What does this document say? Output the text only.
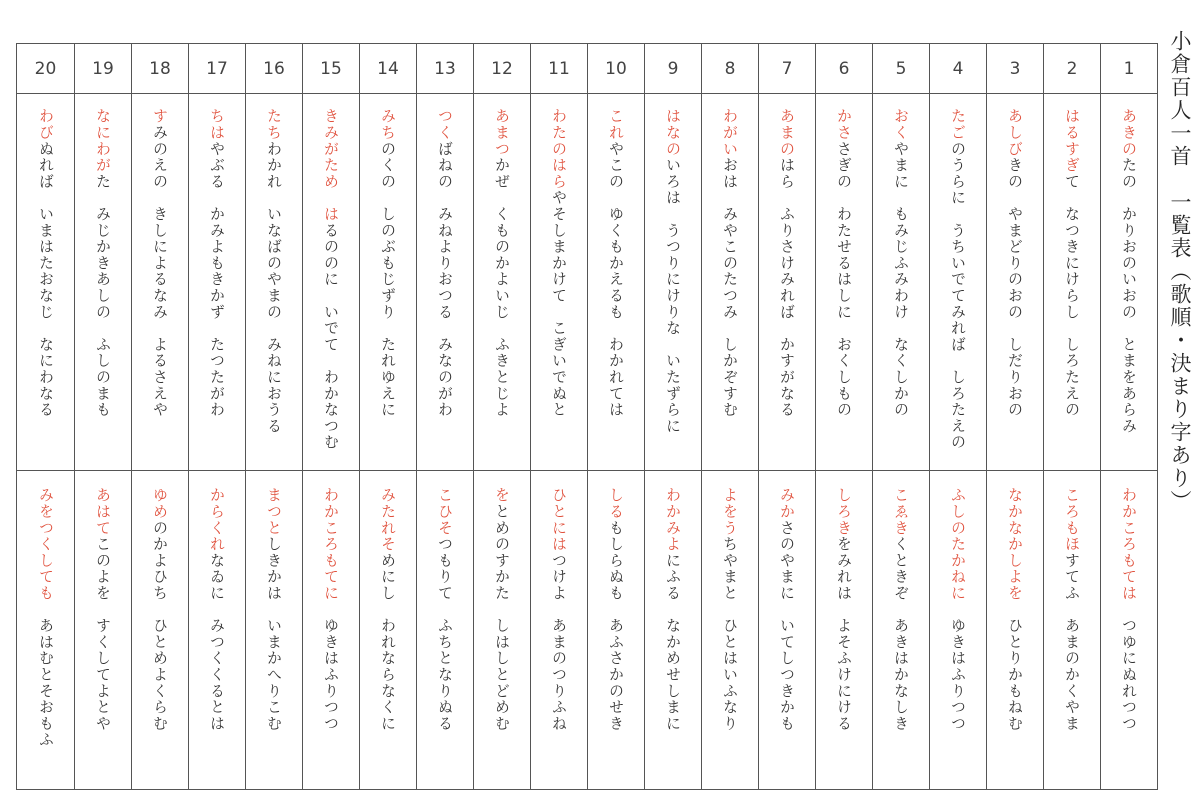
20
わびぬれば　いまはたおなじ　なにわなる
みをつくしても　あはむとそおもふ
19
なにわがた　みじかきあしの　ふしのまも
あはてこのよを　すくしてよとや
18
すみのえの　きしによるなみ　よるさえや
ゆめのかよひち　ひとめよくらむ
17
ちはやぶる　かみよもきかず　たつたがわ
からくれなゐに　みつくくるとは
16
たちわかれ　いなばのやまの　みねにおうる
まつとしきかは　いまかへりこむ
15
きみがため　はるののに　いでて　わかなつむ
わかころもてに　ゆきはふりつつ
14
みちのくの　しのぶもじずり　たれゆえに
みたれそめにし　われならなくに
13
つくばねの　みねよりおつる　みなのがわ
こひそつもりて　ふちとなりぬる
12
あまつかぜ　くものかよいじ　ふきとじよ
をとめのすかた　しはしとどめむ
11
わたのはらやそしまかけて　こぎいでぬと
ひとにはつけよ　あまのつりふね
10
これやこの　ゆくもかえるも　わかれては
しるもしらぬも　あふさかのせき
9
はなのいろは　うつりにけりな　いたずらに
わかみよにふる　なかめせしまに
8
わがいおは　みやこのたつみ　しかぞすむ
よをうちやまと　ひとはいふなり
7
あまのはら　ふりさけみれば　かすがなる
みかさのやまに　いてしつきかも
6
かささぎの　わたせるはしに　おくしもの
しろきをみれは　よそふけにける
5
おくやまに　もみじふみわけ　なくしかの
こゑきくときぞ　あきはかなしき
4
たごのうらに　うちいでてみれば　しろたえの
ふしのたかねに　ゆきはふりつつ
3
あしびきの　やまどりのおの　しだりおの
なかなかしよを　ひとりかもねむ
2
はるすぎて　なつきにけらし　しろたえの
ころもほすてふ　あまのかくやま
1
あきのたの　かりおのいおの　とまをあらみ
わかころもては　つゆにぬれつつ
小倉百人一首　一覧表（歌順・決まり字あり）
